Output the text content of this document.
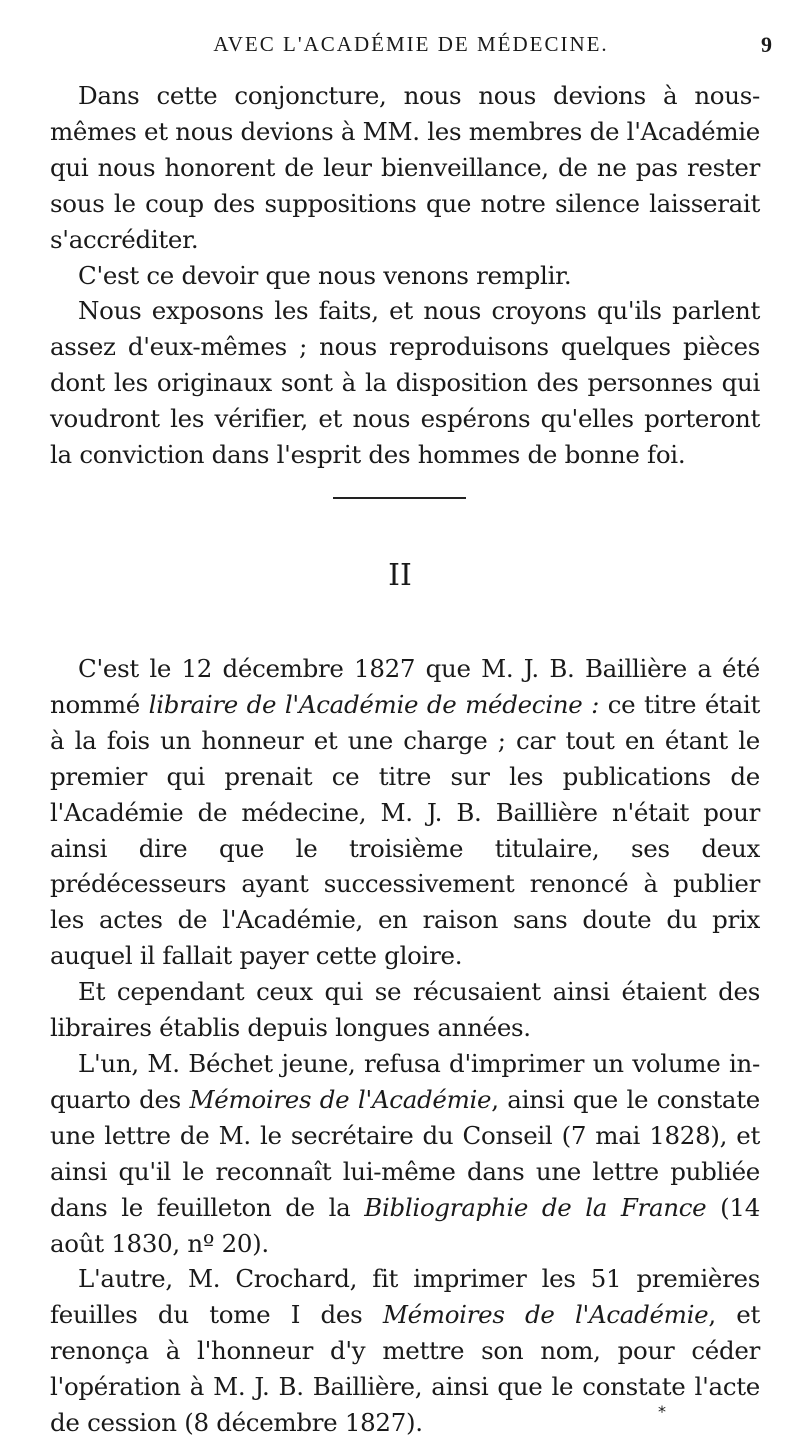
AVEC L'ACADÉMIE DE MÉDECINE.	9

Dans cette conjoncture, nous nous devions à nous-mêmes et nous devions à MM. les membres de l'Académie qui nous honorent de leur bienveillance, de ne pas rester sous le coup des suppositions que notre silence laisserait s'accréditer.

C'est ce devoir que nous venons remplir.

Nous exposons les faits, et nous croyons qu'ils parlent assez d'eux-mêmes ; nous reproduisons quelques pièces dont les originaux sont à la disposition des personnes qui voudront les vérifier, et nous espérons qu'elles porteront la conviction dans l'esprit des hommes de bonne foi.

II

C'est le 12 décembre 1827 que M. J. B. Baillière a été nommé libraire de l'Académie de médecine : ce titre était à la fois un honneur et une charge ; car tout en étant le premier qui prenait ce titre sur les publications de l'Académie de médecine, M. J. B. Baillière n'était pour ainsi dire que le troisième titulaire, ses deux prédécesseurs ayant successivement renoncé à publier les actes de l'Académie, en raison sans doute du prix auquel il fallait payer cette gloire.

Et cependant ceux qui se récusaient ainsi étaient des libraires établis depuis longues années.

L'un, M. Béchet jeune, refusa d'imprimer un volume in-quarto des Mémoires de l'Académie, ainsi que le constate une lettre de M. le secrétaire du Conseil (7 mai 1828), et ainsi qu'il le reconnaît lui-même dans une lettre publiée dans le feuilleton de la Bibliographie de la France (14 août 1830, nº 20).

L'autre, M. Crochard, fit imprimer les 51 premières feuilles du tome I des Mémoires de l'Académie, et renonça à l'honneur d'y mettre son nom, pour céder l'opération à M. J. B. Baillière, ainsi que le constate l'acte de cession (8 décembre 1827).	*
